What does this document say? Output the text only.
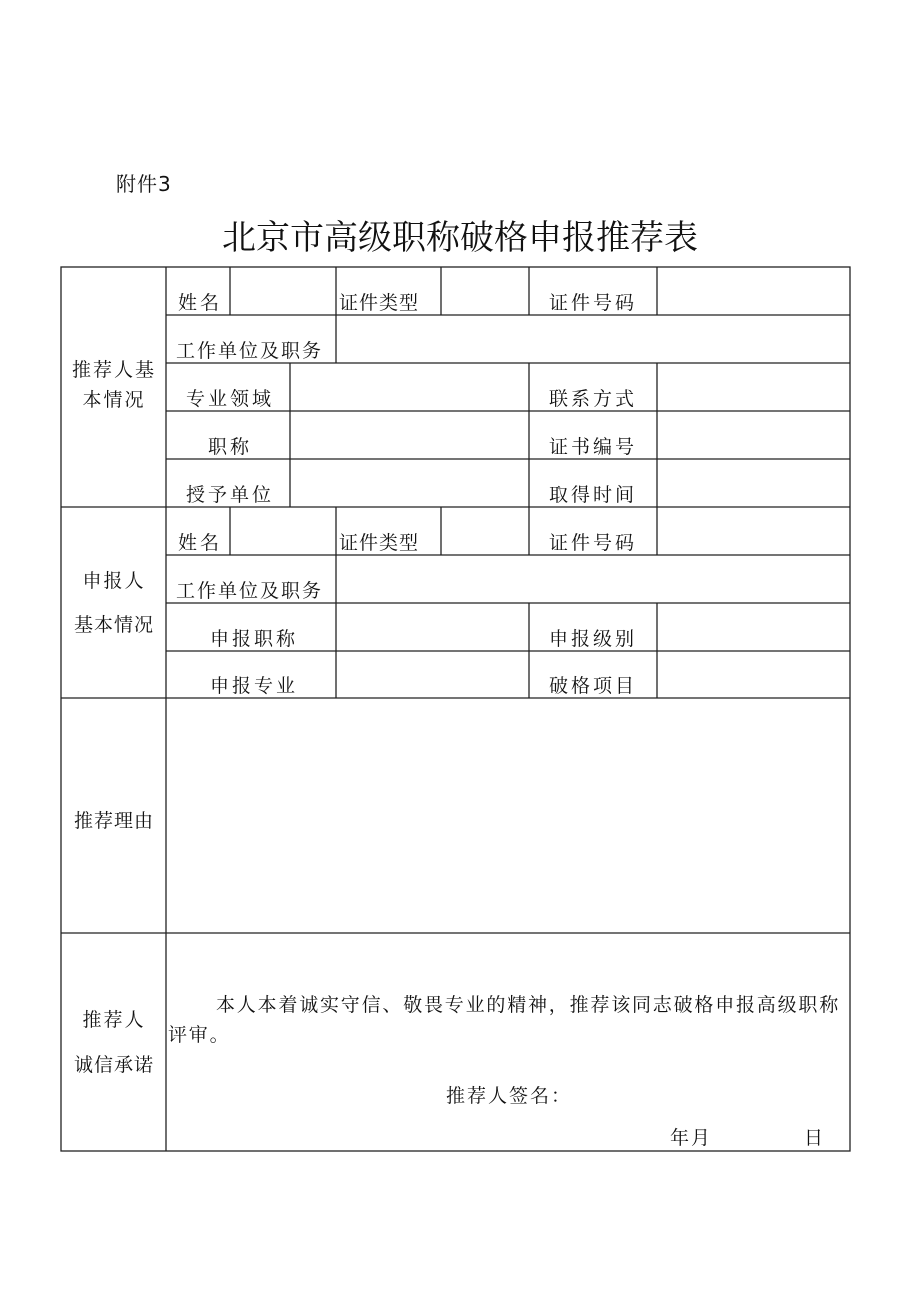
附件3
北京市高级职称破格申报推荐表
推荐人基本情况
姓名	证件类型	证件号码
工作单位及职务
专业领域	联系方式
职称	证书编号
授予单位	取得时间
申报人
基本情况
姓名	证件类型	证件号码
工作单位及职务
申报职称	申报级别
申报专业	破格项目
推荐理由
推荐人
诚信承诺
本人本着诚实守信、敬畏专业的精神，推荐该同志破格申报高级职称评审。
推荐人签名：
年月	日
